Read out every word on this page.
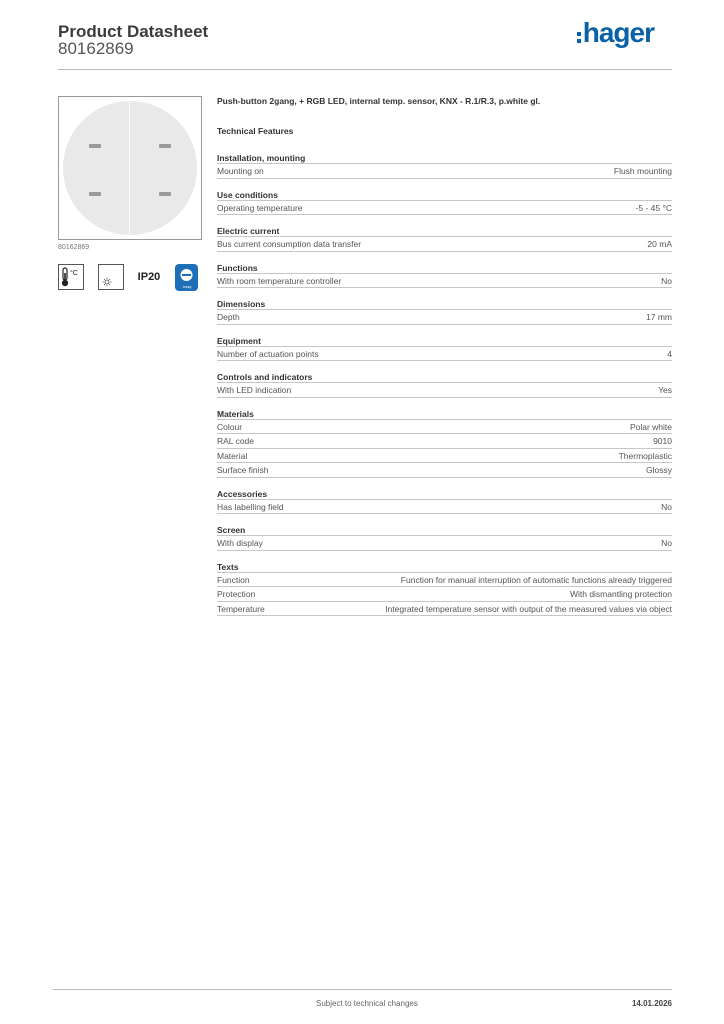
Product Datasheet
80162869
hager
80162869
°C	IP20
easy
Push-button 2gang, + RGB LED, internal temp. sensor, KNX - R.1/R.3, p.white gl.
Technical Features
Installation, mounting
Mounting on	Flush mounting
Use conditions
Operating temperature	-5 - 45 °C
Electric current
Bus current consumption data transfer	20 mA
Functions
With room temperature controller	No
Dimensions
Depth	17 mm
Equipment
Number of actuation points	4
Controls and indicators
With LED indication	Yes
Materials
Colour	Polar white
RAL code	9010
Material	Thermoplastic
Surface finish	Glossy
Accessories
Has labelling field	No
Screen
With display	No
Texts
Function	Function for manual interruption of automatic functions already triggered
Protection	With dismantling protection
Temperature	Integrated temperature sensor with output of the measured values via object
Subject to technical changes	14.01.2026
